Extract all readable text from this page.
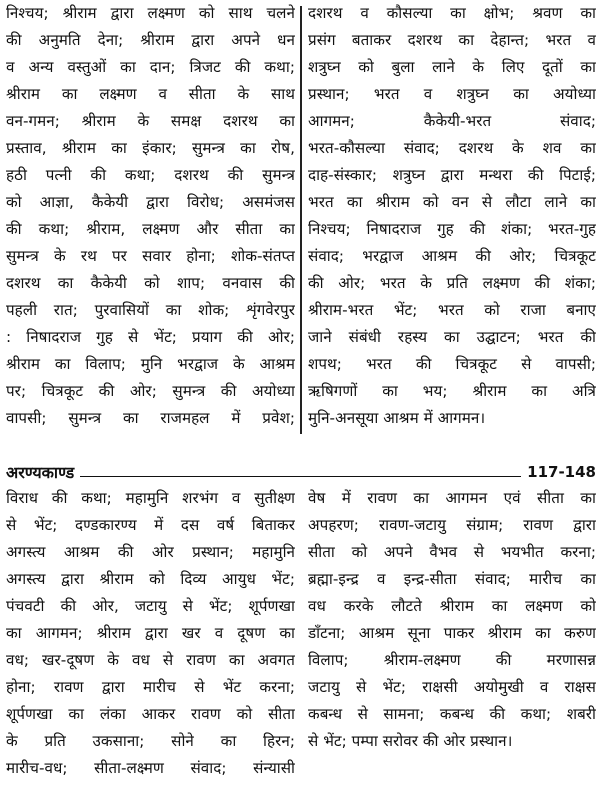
निश्चय; श्रीराम द्वारा लक्ष्मण को साथ चलने
की अनुमति देना; श्रीराम द्वारा अपने धन
व अन्य वस्तुओं का दान; त्रिजट की कथा;
श्रीराम का लक्ष्मण व सीता के साथ
वन-गमन; श्रीराम के समक्ष दशरथ का
प्रस्ताव, श्रीराम का इंकार; सुमन्त्र का रोष,
हठी पत्नी की कथा; दशरथ की सुमन्त्र
को आज्ञा, कैकेयी द्वारा विरोध; असमंजस
की कथा; श्रीराम, लक्ष्मण और सीता का
सुमन्त्र के रथ पर सवार होना; शोक-संतप्त
दशरथ का कैकेयी को शाप; वनवास की
पहली रात; पुरवासियों का शोक; शृंगवेरपुर
: निषादराज गुह से भेंट; प्रयाग की ओर;
श्रीराम का विलाप; मुनि भरद्वाज के आश्रम
पर; चित्रकूट की ओर; सुमन्त्र की अयोध्या
वापसी; सुमन्त्र का राजमहल में प्रवेश;
दशरथ व कौसल्या का क्षोभ; श्रवण का
प्रसंग बताकर दशरथ का देहान्त; भरत व
शत्रुघ्न को बुला लाने के लिए दूतों का
प्रस्थान; भरत व शत्रुघ्न का अयोध्या
आगमन; कैकेयी-भरत संवाद;
भरत-कौसल्या संवाद; दशरथ के शव का
दाह-संस्कार; शत्रुघ्न द्वारा मन्थरा की पिटाई;
भरत का श्रीराम को वन से लौटा लाने का
निश्चय; निषादराज गुह की शंका; भरत-गुह
संवाद; भरद्वाज आश्रम की ओर; चित्रकूट
की ओर; भरत के प्रति लक्ष्मण की शंका;
श्रीराम-भरत भेंट; भरत को राजा बनाए
जाने संबंधी रहस्य का उद्घाटन; भरत की
शपथ; भरत की चित्रकूट से वापसी;
ऋषिगणों का भय; श्रीराम का अत्रि
मुनि-अनसूया आश्रम में आगमन।
अरण्यकाण्ड	117-148
विराध की कथा; महामुनि शरभंग व सुतीक्ष्ण
से भेंट; दण्डकारण्य में दस वर्ष बिताकर
अगस्त्य आश्रम की ओर प्रस्थान; महामुनि
अगस्त्य द्वारा श्रीराम को दिव्य आयुध भेंट;
पंचवटी की ओर, जटायु से भेंट; शूर्पणखा
का आगमन; श्रीराम द्वारा खर व दूषण का
वध; खर-दूषण के वध से रावण का अवगत
होना; रावण द्वारा मारीच से भेंट करना;
शूर्पणखा का लंका आकर रावण को सीता
के प्रति उकसाना; सोने का हिरन;
मारीच-वध; सीता-लक्ष्मण संवाद; संन्यासी
वेष में रावण का आगमन एवं सीता का
अपहरण; रावण-जटायु संग्राम; रावण द्वारा
सीता को अपने वैभव से भयभीत करना;
ब्रह्मा-इन्द्र व इन्द्र-सीता संवाद; मारीच का
वध करके लौटते श्रीराम का लक्ष्मण को
डाँटना; आश्रम सूना पाकर श्रीराम का करुण
विलाप; श्रीराम-लक्ष्मण की मरणासन्न
जटायु से भेंट; राक्षसी अयोमुखी व राक्षस
कबन्ध से सामना; कबन्ध की कथा; शबरी
से भेंट; पम्पा सरोवर की ओर प्रस्थान।
